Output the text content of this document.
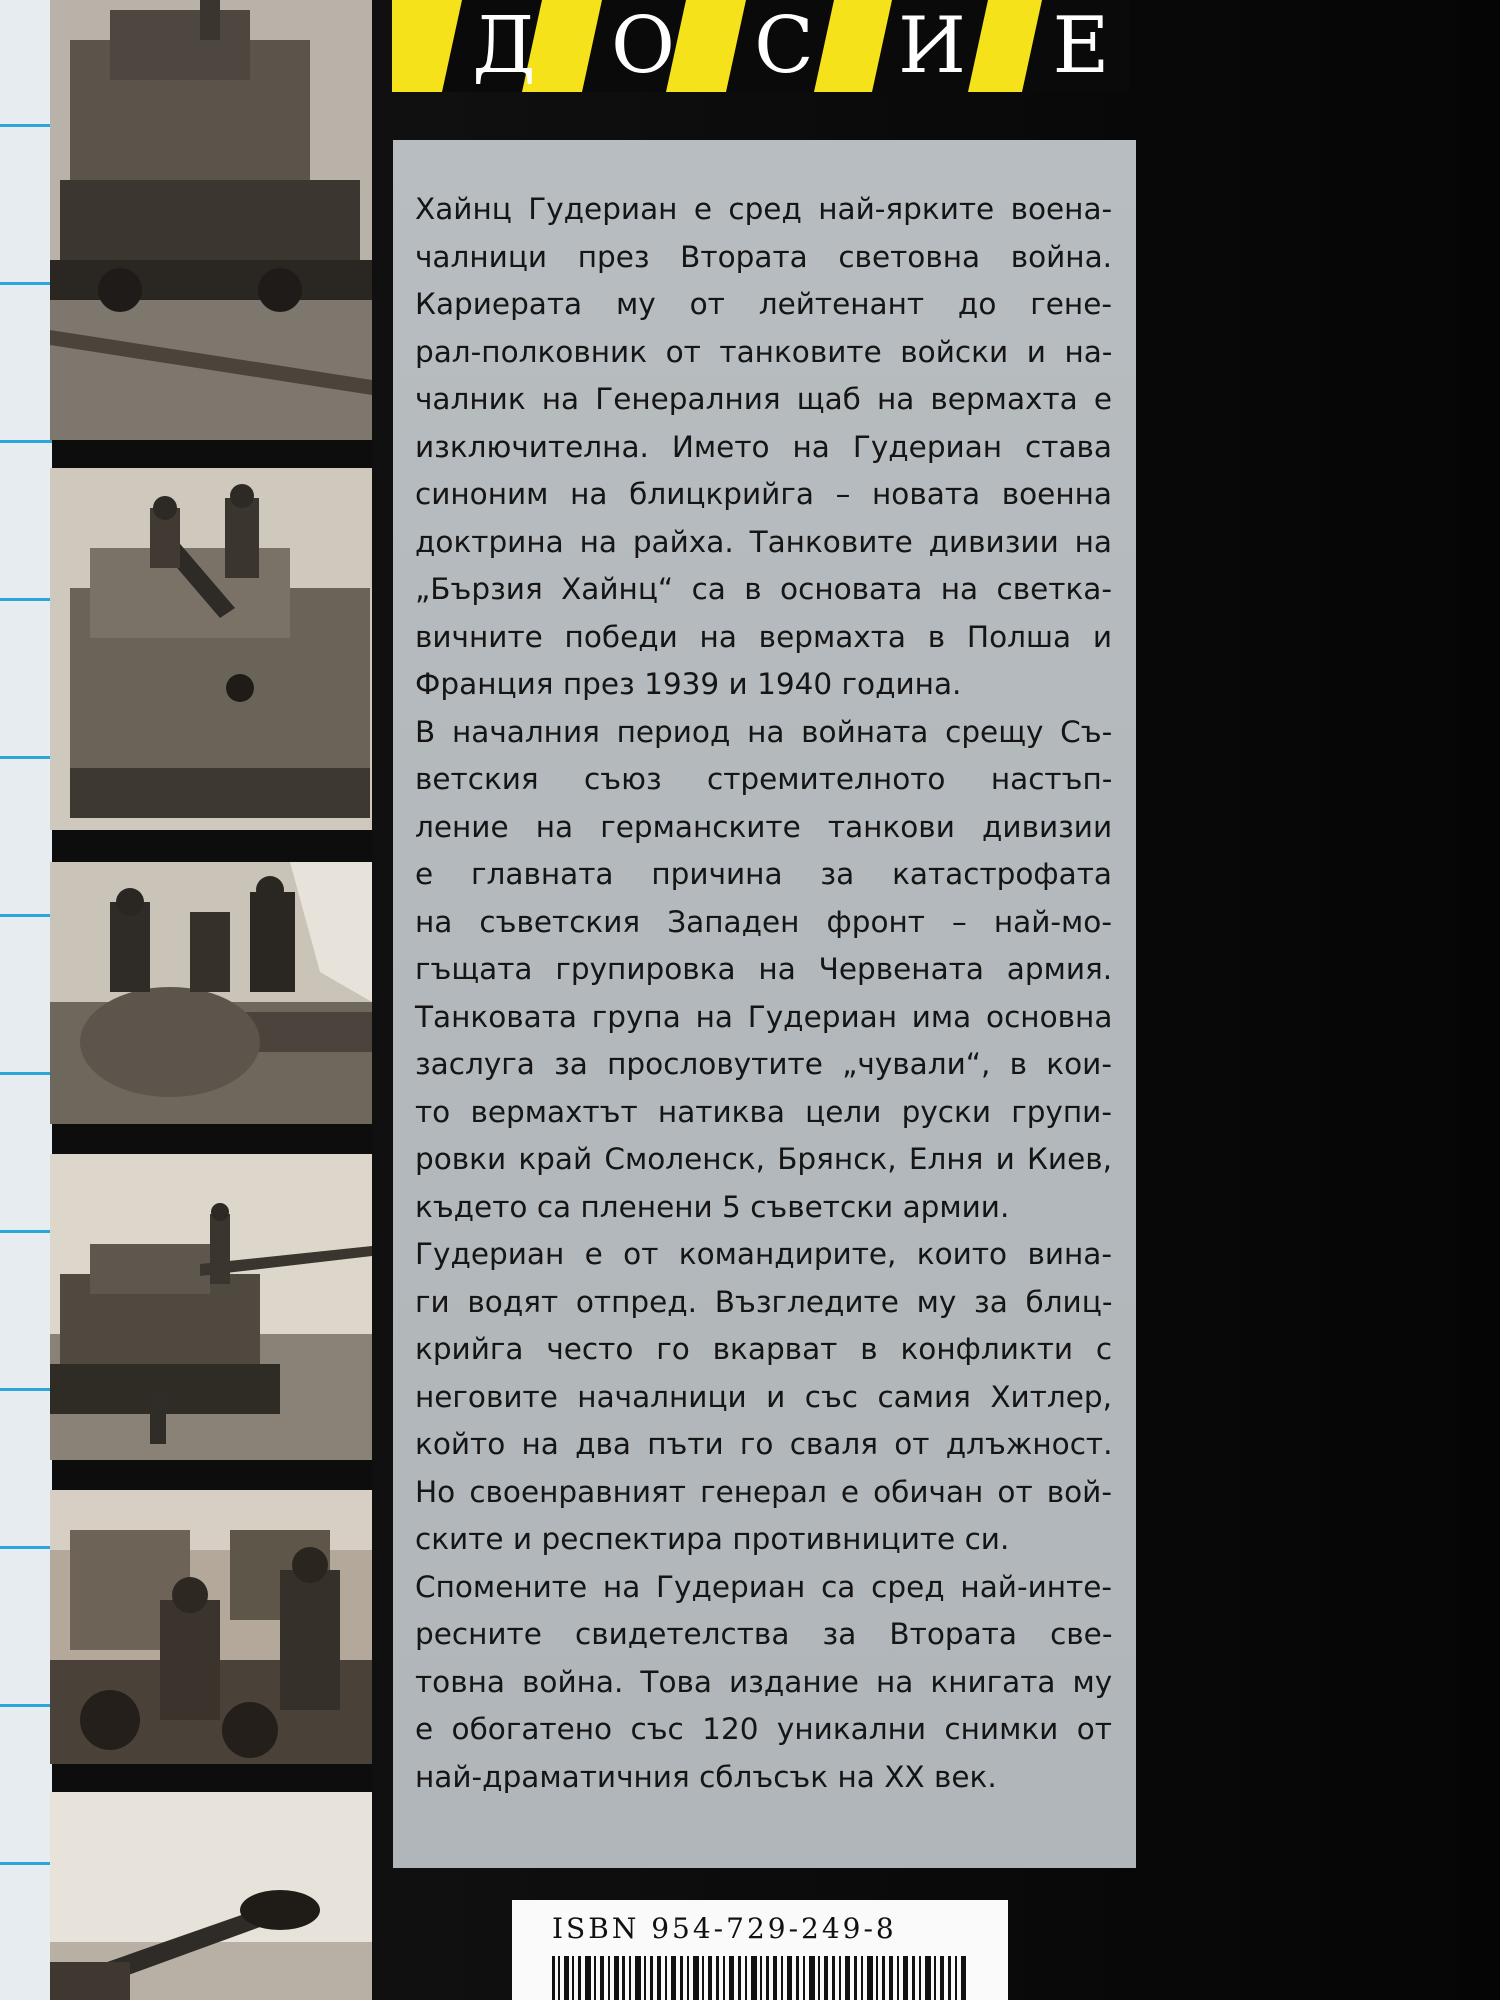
Д О С И Е

Хайнц Гудериан е сред най-ярките воена-
чалници през Втората световна война.
Кариерата му от лейтенант до гене-
рал-полковник от танковите войски и на-
чалник на Генералния щаб на вермахта е
изключителна. Името на Гудериан става
синоним на блицкрийга – новата военна
доктрина на райха. Танковите дивизии на
„Бързия Хайнц“ са в основата на светка-
вичните победи на вермахта в Полша и
Франция през 1939 и 1940 година.

В началния период на войната срещу Съ-
ветския съюз стремителното настъп-
ление на германските танкови дивизии
е главната причина за катастрофата
на съветския Западен фронт – най-мо-
гъщата групировка на Червената армия.
Танковата група на Гудериан има основна
заслуга за прословутите „чували“, в кои-
то вермахтът натиква цели руски групи-
ровки край Смоленск, Брянск, Елня и Киев,
където са пленени 5 съветски армии.

Гудериан е от командирите, които вина-
ги водят отпред. Възгледите му за блиц-
крийга често го вкарват в конфликти с
неговите началници и със самия Хитлер,
който на два пъти го сваля от длъжност.
Но своенравният генерал е обичан от вой-
ските и респектира противниците си.

Спомените на Гудериан са сред най-инте-
ресните свидетелства за Втората све-
товна война. Това издание на книгата му
е обогатено със 120 уникални снимки от
най-драматичния сблъсък на XX век.

ISBN 954-729-249-8
